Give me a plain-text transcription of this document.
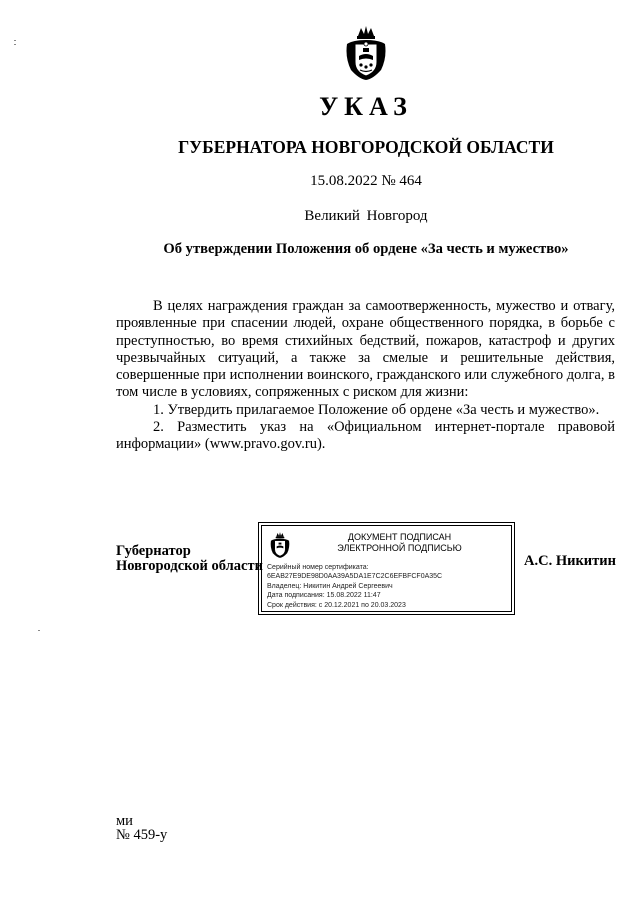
УКАЗ
ГУБЕРНАТОРА НОВГОРОДСКОЙ ОБЛАСТИ
15.08.2022 № 464
Великий Новгород
Об утверждении Положения об ордене «За честь и мужество»

В целях награждения граждан за самоотверженность, мужество и отвагу, проявленные при спасении людей, охране общественного порядка, в борьбе с преступностью, во время стихийных бедствий, пожаров, катастроф и других чрезвычайных ситуаций, а также за смелые и решительные действия, совершенные при исполнении воинского, гражданского или служебного долга, в том числе в условиях, сопряженных с риском для жизни:

1. Утвердить прилагаемое Положение об ордене «За честь и мужество».

2. Разместить указ на «Официальном интернет-портале правовой информации» (www.pravo.gov.ru).

Губернатор
Новгородской области
ДОКУМЕНТ ПОДПИСАН
ЭЛЕКТРОННОЙ ПОДПИСЬЮ
Серийный номер сертификата:
6EAB27E9DE98D0AA39A5DA1E7C2C6EFBFCF0A35C
Владелец: Никитин Андрей Сергеевич
Дата подписания: 15.08.2022 11:47
Срок действия: с 20.12.2021 по 20.03.2023
А.С. Никитин
ми
№ 459-у
